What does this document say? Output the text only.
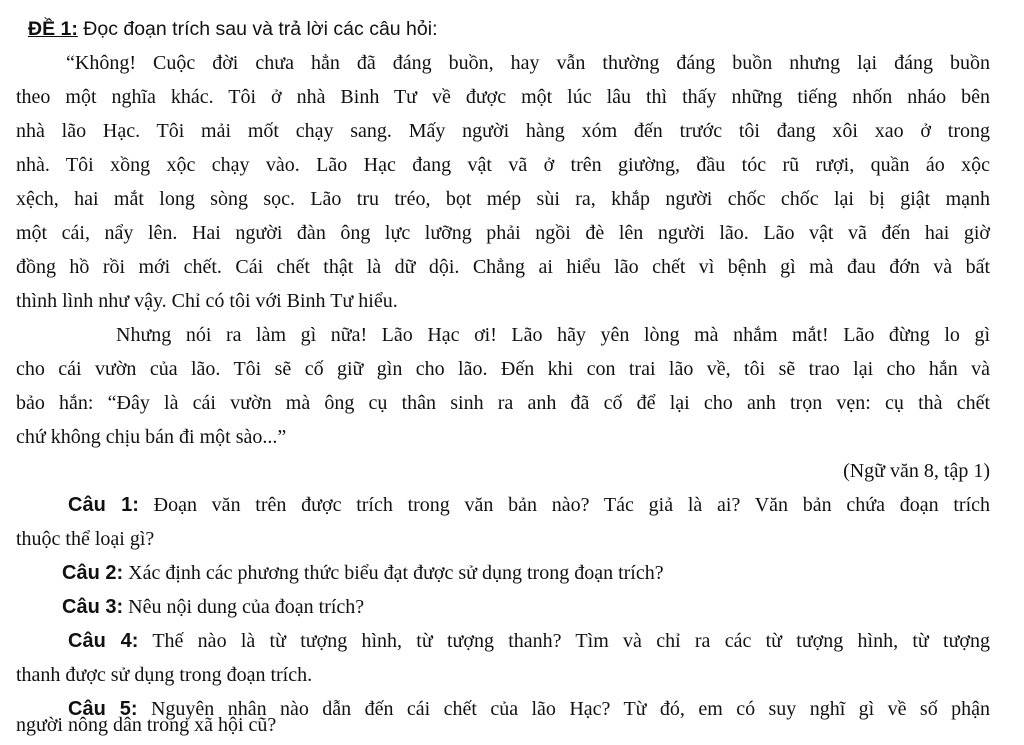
ĐỀ 1: Đọc đoạn trích sau và trả lời các câu hỏi:
“Không! Cuộc đời chưa hẳn đã đáng buồn, hay vẫn thường đáng buồn nhưng lại đáng buồn
theo một nghĩa khác. Tôi ở nhà Binh Tư về được một lúc lâu thì thấy những tiếng nhốn nháo bên
nhà lão Hạc. Tôi mải mốt chạy sang. Mấy người hàng xóm đến trước tôi đang xôi xao ở trong
nhà. Tôi xồng xộc chạy vào. Lão Hạc đang vật vã ở trên giường, đầu tóc rũ rượi, quần áo xộc
xệch, hai mắt long sòng sọc. Lão tru tréo, bọt mép sùi ra, khắp người chốc chốc lại bị giật mạnh
một cái, nẩy lên. Hai người đàn ông lực lưỡng phải ngồi đè lên người lão. Lão vật vã đến hai giờ
đồng hồ rồi mới chết. Cái chết thật là dữ dội. Chẳng ai hiểu lão chết vì bệnh gì mà đau đớn và bất
thình lình như vậy. Chỉ có tôi với Binh Tư hiểu.
Nhưng nói ra làm gì nữa! Lão Hạc ơi! Lão hãy yên lòng mà nhắm mắt! Lão đừng lo gì
cho cái vườn của lão. Tôi sẽ cố giữ gìn cho lão. Đến khi con trai lão về, tôi sẽ trao lại cho hắn và
bảo hắn: “Đây là cái vườn mà ông cụ thân sinh ra anh đã cố để lại cho anh trọn vẹn: cụ thà chết
chứ không chịu bán đi một sào...”
(Ngữ văn 8, tập 1)
Câu 1: Đoạn văn trên được trích trong văn bản nào? Tác giả là ai? Văn bản chứa đoạn trích
thuộc thể loại gì?
Câu 2: Xác định các phương thức biểu đạt được sử dụng trong đoạn trích?
Câu 3: Nêu nội dung của đoạn trích?
Câu 4: Thế nào là từ tượng hình, từ tượng thanh? Tìm và chỉ ra các từ tượng hình, từ tượng
thanh được sử dụng trong đoạn trích.
Câu 5: Nguyên nhân nào dẫn đến cái chết của lão Hạc? Từ đó, em có suy nghĩ gì về số phận
người nông dân trong xã hội cũ?
